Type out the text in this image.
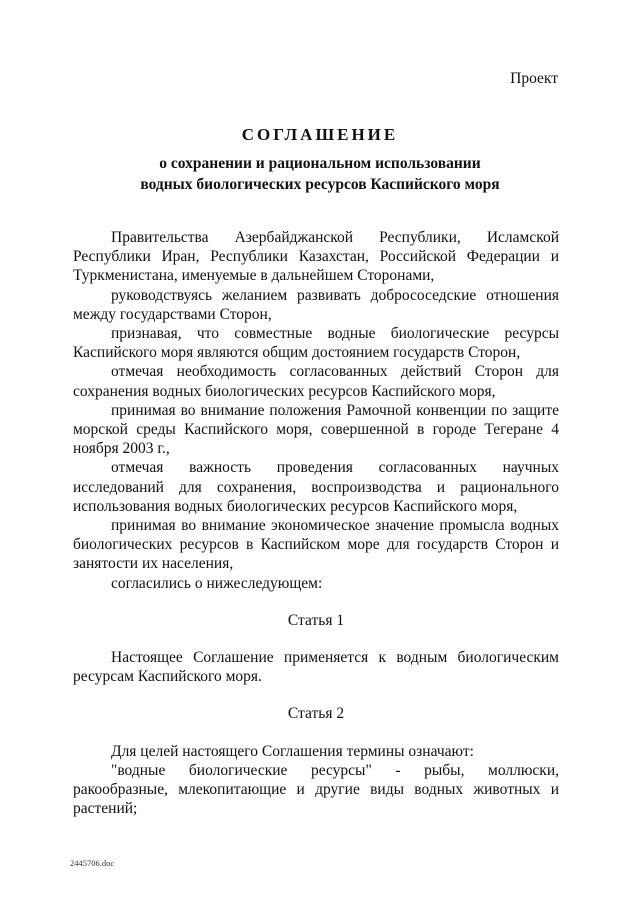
Проект
СОГЛАШЕНИЕ
о сохранении и рациональном использовании
водных биологических ресурсов Каспийского моря

Правительства Азербайджанской Республики, Исламской Республики Иран, Республики Казахстан, Российской Федерации и Туркменистана, именуемые в дальнейшем Сторонами,

руководствуясь желанием развивать добрососедские отношения между государствами Сторон,

признавая, что совместные водные биологические ресурсы Каспийского моря являются общим достоянием государств Сторон,

отмечая необходимость согласованных действий Сторон для сохранения водных биологических ресурсов Каспийского моря,

принимая во внимание положения Рамочной конвенции по защите морской среды Каспийского моря, совершенной в городе Тегеране 4 ноября 2003 г.,

отмечая важность проведения согласованных научных исследований для сохранения, воспроизводства и рационального использования водных биологических ресурсов Каспийского моря,

принимая во внимание экономическое значение промысла водных биологических ресурсов в Каспийском море для государств Сторон и занятости их населения,

согласились о нижеследующем:

Статья 1

Настоящее Соглашение применяется к водным биологическим ресурсам Каспийского моря.

Статья 2

Для целей настоящего Соглашения термины означают:

"водные биологические ресурсы" - рыбы, моллюски, ракообразные, млекопитающие и другие виды водных животных и растений;

2445706.doc
